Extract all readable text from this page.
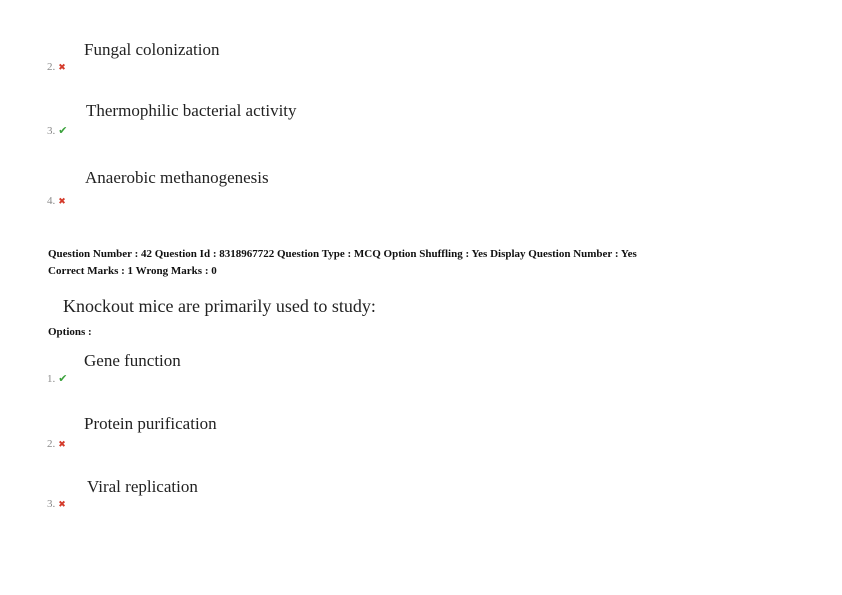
Fungal colonization
2. ✖
Thermophilic bacterial activity
3. ✔
Anaerobic methanogenesis
4. ✖
Question Number : 42 Question Id : 8318967722 Question Type : MCQ Option Shuffling : Yes Display Question Number : Yes
Correct Marks : 1 Wrong Marks : 0
Knockout mice are primarily used to study:
Options :
Gene function
1. ✔
Protein purification
2. ✖
Viral replication
3. ✖
